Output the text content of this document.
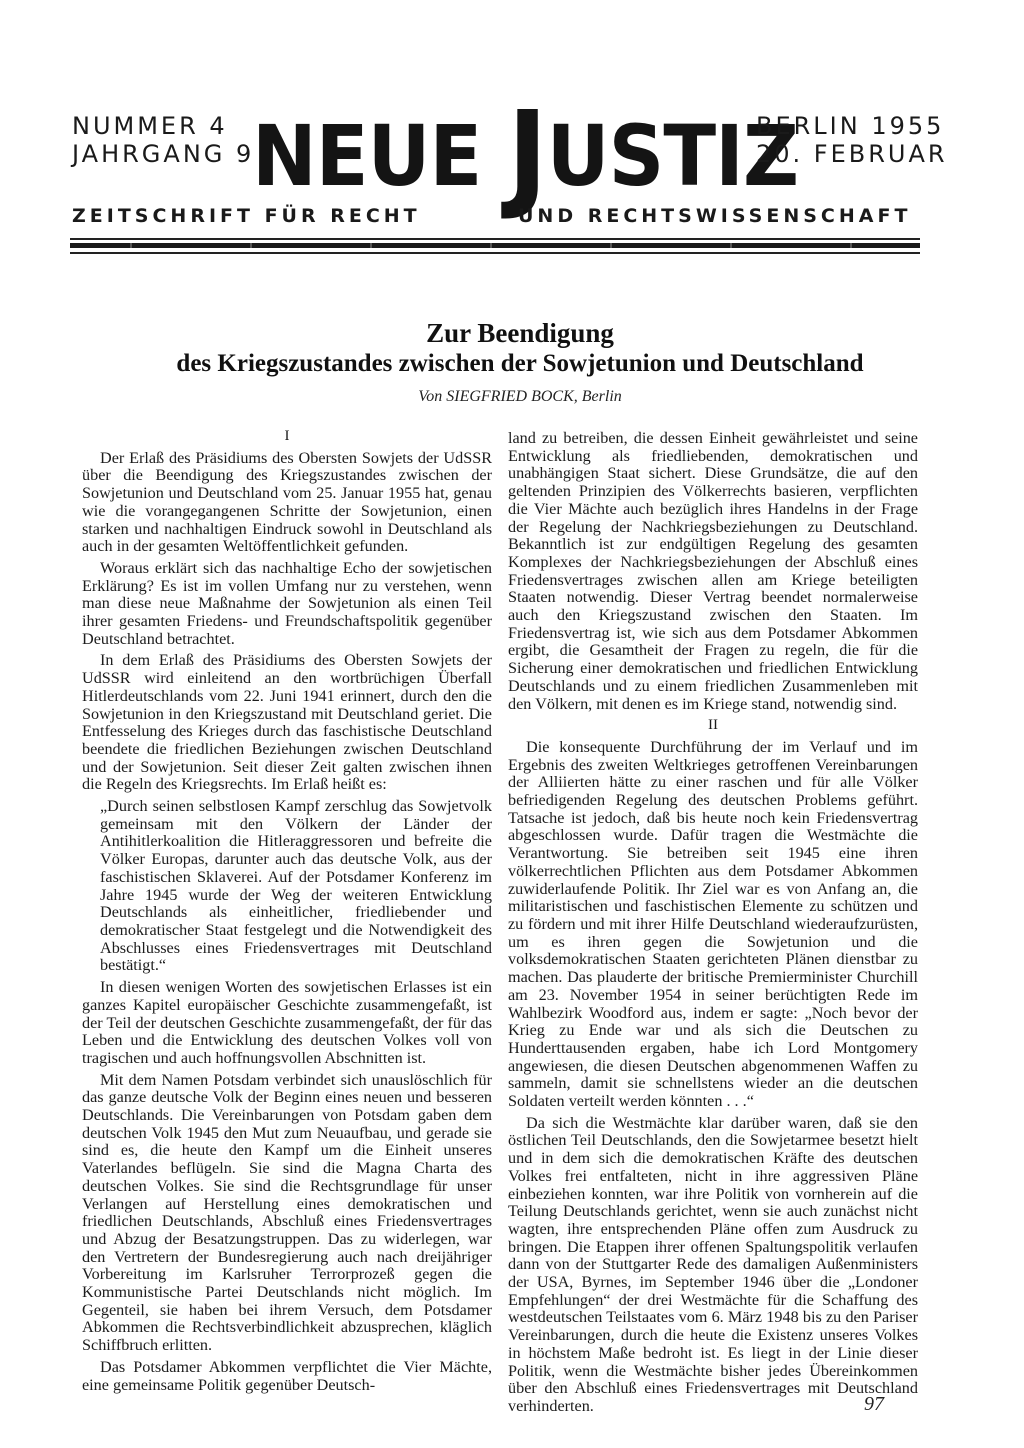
NUMMER 4
JAHRGANG 9
NEUE JUSTIZ
BERLIN 1955
20. FEBRUAR
ZEITSCHRIFT FÜR RECHT	UND RECHTSWISSENSCHAFT
Zur Beendigung
des Kriegszustandes zwischen der Sowjetunion und Deutschland
Von SIEGFRIED BOCK, Berlin
I

Der Erlaß des Präsidiums des Obersten Sowjets der UdSSR über die Beendigung des Kriegszustandes zwischen der Sowjetunion und Deutschland vom 25. Januar 1955 hat, genau wie die vorangegangenen Schritte der Sowjetunion, einen starken und nachhaltigen Eindruck sowohl in Deutschland als auch in der gesamten Weltöffentlichkeit gefunden.

Woraus erklärt sich das nachhaltige Echo der sowjetischen Erklärung? Es ist im vollen Umfang nur zu verstehen, wenn man diese neue Maßnahme der Sowjetunion als einen Teil ihrer gesamten Friedens- und Freundschaftspolitik gegenüber Deutschland betrachtet.

In dem Erlaß des Präsidiums des Obersten Sowjets der UdSSR wird einleitend an den wortbrüchigen Überfall Hitlerdeutschlands vom 22. Juni 1941 erinnert, durch den die Sowjetunion in den Kriegszustand mit Deutschland geriet. Die Entfesselung des Krieges durch das faschistische Deutschland beendete die friedlichen Beziehungen zwischen Deutschland und der Sowjetunion. Seit dieser Zeit galten zwischen ihnen die Regeln des Kriegsrechts. Im Erlaß heißt es:

„Durch seinen selbstlosen Kampf zerschlug das Sowjetvolk gemeinsam mit den Völkern der Länder der Antihitlerkoalition die Hitleraggressoren und befreite die Völker Europas, darunter auch das deutsche Volk, aus der faschistischen Sklaverei. Auf der Potsdamer Konferenz im Jahre 1945 wurde der Weg der weiteren Entwicklung Deutschlands als einheitlicher, friedliebender und demokratischer Staat festgelegt und die Notwendigkeit des Abschlusses eines Friedensvertrages mit Deutschland bestätigt.“

In diesen wenigen Worten des sowjetischen Erlasses ist ein ganzes Kapitel europäischer Geschichte zusammengefaßt, ist der Teil der deutschen Geschichte zusammengefaßt, der für das Leben und die Entwicklung des deutschen Volkes voll von tragischen und auch hoffnungsvollen Abschnitten ist.

Mit dem Namen Potsdam verbindet sich unauslöschlich für das ganze deutsche Volk der Beginn eines neuen und besseren Deutschlands. Die Vereinbarungen von Potsdam gaben dem deutschen Volk 1945 den Mut zum Neuaufbau, und gerade sie sind es, die heute den Kampf um die Einheit unseres Vaterlandes beflügeln. Sie sind die Magna Charta des deutschen Volkes. Sie sind die Rechtsgrundlage für unser Verlangen auf Herstellung eines demokratischen und friedlichen Deutschlands, Abschluß eines Friedensvertrages und Abzug der Besatzungstruppen. Das zu widerlegen, war den Vertretern der Bundesregierung auch nach dreijähriger Vorbereitung im Karlsruher Terrorprozeß gegen die Kommunistische Partei Deutschlands nicht möglich. Im Gegenteil, sie haben bei ihrem Versuch, dem Potsdamer Abkommen die Rechtsverbindlichkeit abzusprechen, kläglich Schiffbruch erlitten.

Das Potsdamer Abkommen verpflichtet die Vier Mächte, eine gemeinsame Politik gegenüber Deutsch-

land zu betreiben, die dessen Einheit gewährleistet und seine Entwicklung als friedliebenden, demokratischen und unabhängigen Staat sichert. Diese Grundsätze, die auf den geltenden Prinzipien des Völkerrechts basieren, verpflichten die Vier Mächte auch bezüglich ihres Handelns in der Frage der Regelung der Nachkriegsbeziehungen zu Deutschland. Bekanntlich ist zur endgültigen Regelung des gesamten Komplexes der Nachkriegsbeziehungen der Abschluß eines Friedensvertrages zwischen allen am Kriege beteiligten Staaten notwendig. Dieser Vertrag beendet normalerweise auch den Kriegszustand zwischen den Staaten. Im Friedensvertrag ist, wie sich aus dem Potsdamer Abkommen ergibt, die Gesamtheit der Fragen zu regeln, die für die Sicherung einer demokratischen und friedlichen Entwicklung Deutschlands und zu einem friedlichen Zusammenleben mit den Völkern, mit denen es im Kriege stand, notwendig sind.

II

Die konsequente Durchführung der im Verlauf und im Ergebnis des zweiten Weltkrieges getroffenen Vereinbarungen der Alliierten hätte zu einer raschen und für alle Völker befriedigenden Regelung des deutschen Problems geführt. Tatsache ist jedoch, daß bis heute noch kein Friedensvertrag abgeschlossen wurde. Dafür tragen die Westmächte die Verantwortung. Sie betreiben seit 1945 eine ihren völkerrechtlichen Pflichten aus dem Potsdamer Abkommen zuwiderlaufende Politik. Ihr Ziel war es von Anfang an, die militaristischen und faschistischen Elemente zu schützen und zu fördern und mit ihrer Hilfe Deutschland wiederaufzurüsten, um es ihren gegen die Sowjetunion und die volksdemokratischen Staaten gerichteten Plänen dienstbar zu machen. Das plauderte der britische Premierminister Churchill am 23. November 1954 in seiner berüchtigten Rede im Wahlbezirk Woodford aus, indem er sagte: „Noch bevor der Krieg zu Ende war und als sich die Deutschen zu Hunderttausenden ergaben, habe ich Lord Montgomery angewiesen, die diesen Deutschen abgenommenen Waffen zu sammeln, damit sie schnellstens wieder an die deutschen Soldaten verteilt werden könnten . . .“

Da sich die Westmächte klar darüber waren, daß sie den östlichen Teil Deutschlands, den die Sowjetarmee besetzt hielt und in dem sich die demokratischen Kräfte des deutschen Volkes frei entfalteten, nicht in ihre aggressiven Pläne einbeziehen konnten, war ihre Politik von vornherein auf die Teilung Deutschlands gerichtet, wenn sie auch zunächst nicht wagten, ihre entsprechenden Pläne offen zum Ausdruck zu bringen. Die Etappen ihrer offenen Spaltungspolitik verlaufen dann von der Stuttgarter Rede des damaligen Außenministers der USA, Byrnes, im September 1946 über die „Londoner Empfehlungen“ der drei Westmächte für die Schaffung des westdeutschen Teilstaates vom 6. März 1948 bis zu den Pariser Vereinbarungen, durch die heute die Existenz unseres Volkes in höchstem Maße bedroht ist. Es liegt in der Linie dieser Politik, wenn die Westmächte bisher jedes Übereinkommen über den Abschluß eines Friedensvertrages mit Deutschland verhinderten.	97
